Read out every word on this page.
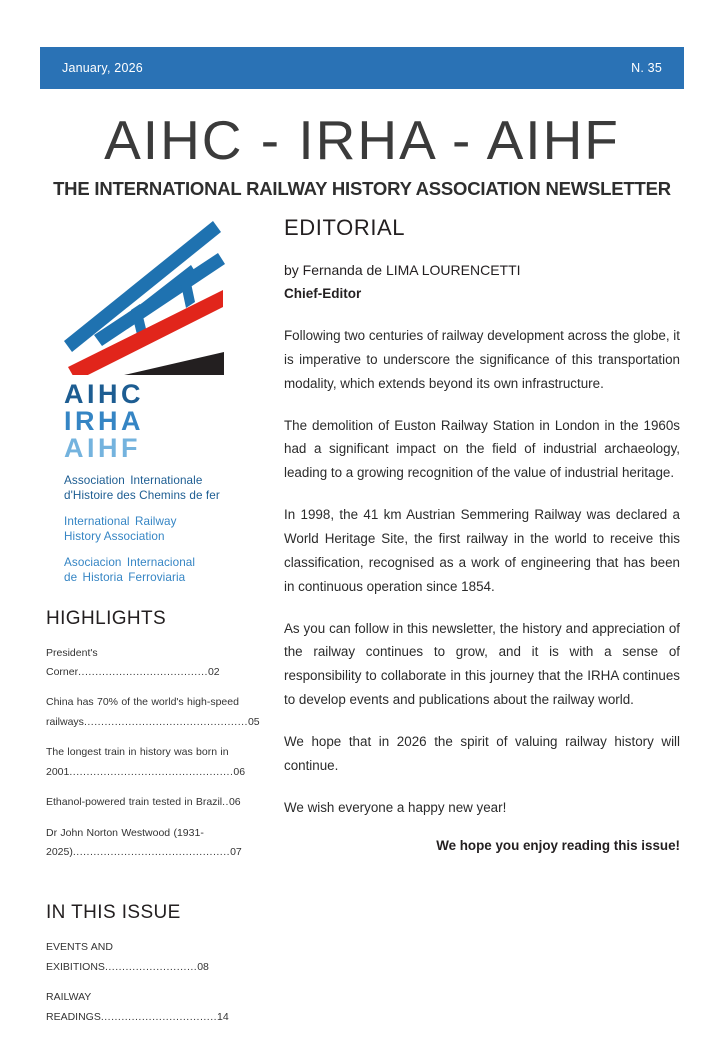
January, 2026	N. 35
AIHC - IRHA - AIHF
THE INTERNATIONAL RAILWAY HISTORY ASSOCIATION NEWSLETTER
AIHC
IRHA
AIHF
Association Internationale
d'Histoire des Chemins de fer
International Railway
History Association
Asociacion Internacional
de Historia Ferroviaria
HIGHLIGHTS
President's Corner......................................02
China has 70% of the world's high-speed railways................................................05
The longest train in history was born in 2001................................................06
Ethanol-powered train tested in Brazil..06
Dr John Norton Westwood (1931-2025)..............................................07
IN THIS ISSUE
EVENTS AND EXIBITIONS...........................08
RAILWAY READINGS..................................14
EDITORIAL
by Fernanda de LIMA LOURENCETTI
Chief-Editor

Following two centuries of railway development across the globe, it is imperative to underscore the significance of this transportation modality, which extends beyond its own infrastructure.

The demolition of Euston Railway Station in London in the 1960s had a significant impact on the field of industrial archaeology, leading to a growing recognition of the value of industrial heritage.

In 1998, the 41 km Austrian Semmering Railway was declared a World Heritage Site, the first railway in the world to receive this classification, recognised as a work of engineering that has been in continuous operation since 1854.

As you can follow in this newsletter, the history and appreciation of the railway continues to grow, and it is with a sense of responsibility to collaborate in this journey that the IRHA continues to develop events and publications about the railway world.

We hope that in 2026 the spirit of valuing railway history will continue.

We wish everyone a happy new year!

We hope you enjoy reading this issue!
